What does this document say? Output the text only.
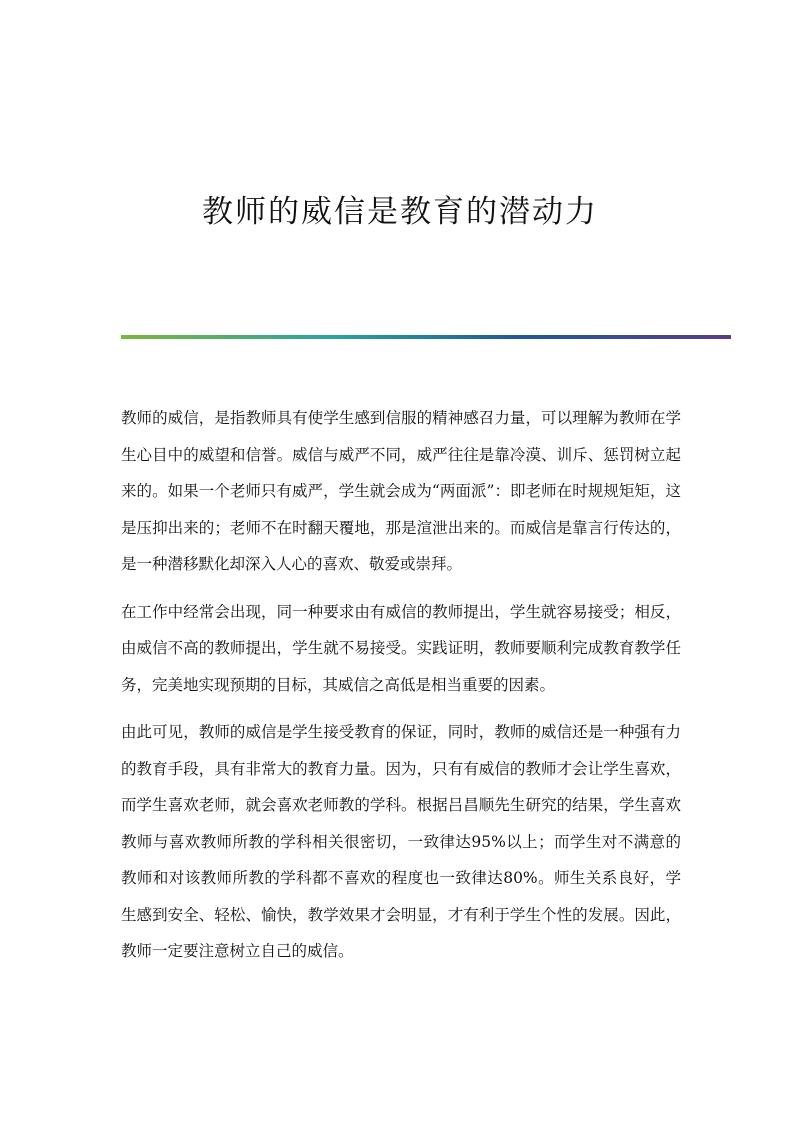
教师的威信是教育的潜动力

教师的威信，是指教师具有使学生感到信服的精神感召力量，可以理解为教师在学生心目中的威望和信誉。威信与威严不同，威严往往是靠冷漠、训斥、惩罚树立起来的。如果一个老师只有威严，学生就会成为“两面派”：即老师在时规规矩矩，这是压抑出来的；老师不在时翻天覆地，那是渲泄出来的。而威信是靠言行传达的，是一种潜移默化却深入人心的喜欢、敬爱或崇拜。

在工作中经常会出现，同一种要求由有威信的教师提出，学生就容易接受；相反，由威信不高的教师提出，学生就不易接受。实践证明，教师要顺利完成教育教学任务，完美地实现预期的目标，其威信之高低是相当重要的因素。

由此可见，教师的威信是学生接受教育的保证，同时，教师的威信还是一种强有力的教育手段，具有非常大的教育力量。因为，只有有威信的教师才会让学生喜欢，而学生喜欢老师，就会喜欢老师教的学科。根据吕昌顺先生研究的结果，学生喜欢教师与喜欢教师所教的学科相关很密切，一致律达95%以上；而学生对不满意的教师和对该教师所教的学科都不喜欢的程度也一致律达80%。师生关系良好，学生感到安全、轻松、愉快，教学效果才会明显，才有利于学生个性的发展。因此，教师一定要注意树立自己的威信。
